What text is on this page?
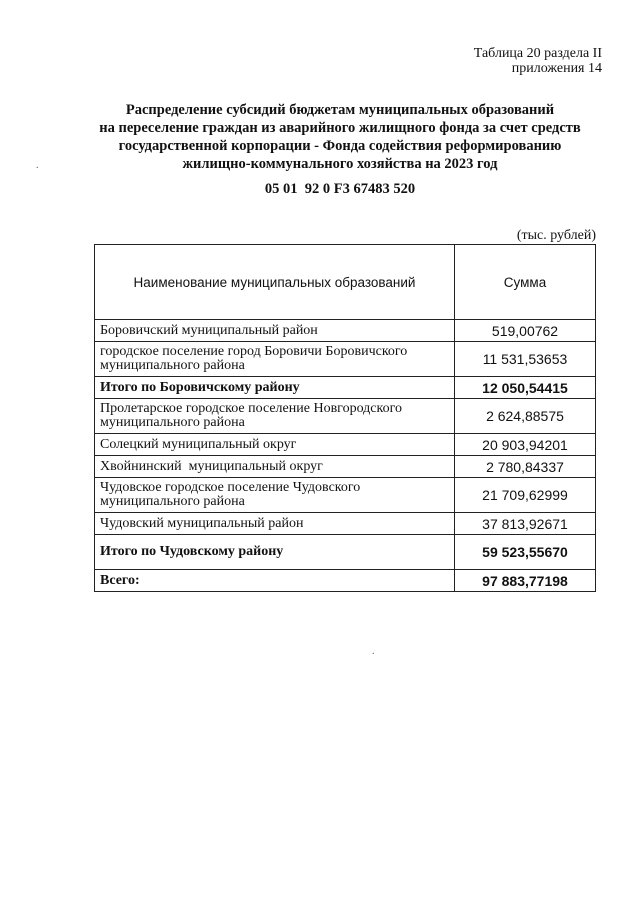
Таблица 20 раздела II
приложения 14
Распределение субсидий бюджетам муниципальных образований
на переселение граждан из аварийного жилищного фонда за счет средств
государственной корпорации - Фонда содействия реформированию
жилищно-коммунального хозяйства на 2023 год
05 01  92 0 F3 67483 520
(тыс. рублей)
.
.
Наименование муниципальных образований	Сумма
Боровичский муниципальный район	519,00762
городское поселение город Боровичи Боровичского муниципального района	11 531,53653
Итого по Боровичскому району	12 050,54415
Пролетарское городское поселение Новгородского муниципального района	2 624,88575
Солецкий муниципальный округ	20 903,94201
Хвойнинский  муниципальный округ	2 780,84337
Чудовское городское поселение Чудовского муниципального района	21 709,62999
Чудовский муниципальный район	37 813,92671
Итого по Чудовскому району	59 523,55670
Всего:	97 883,77198
